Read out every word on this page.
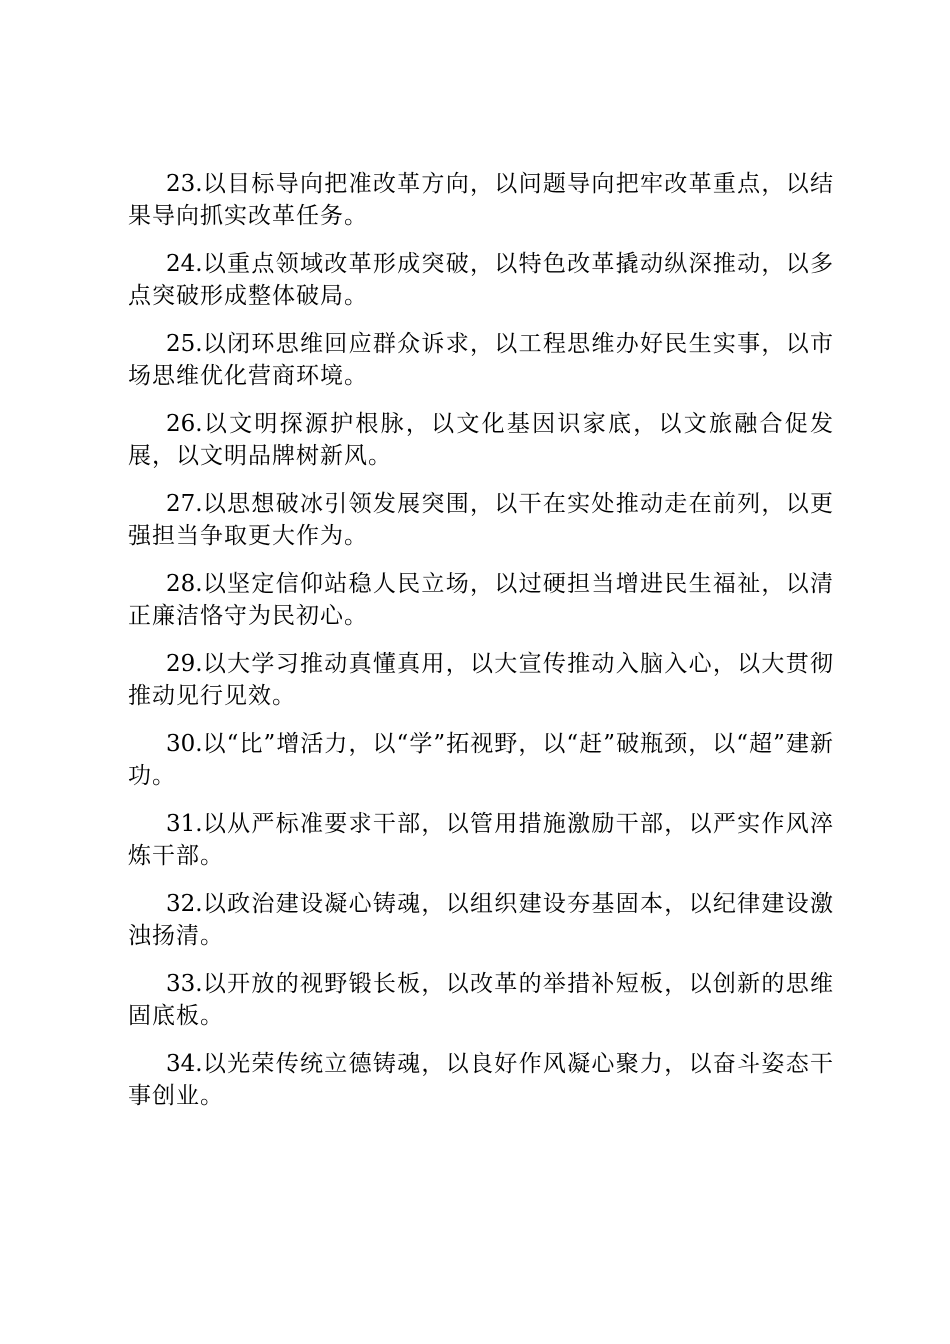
23.以目标导向把准改革方向，以问题导向把牢改革重点，以结果导向抓实改革任务。

24.以重点领域改革形成突破，以特色改革撬动纵深推动，以多点突破形成整体破局。

25.以闭环思维回应群众诉求，以工程思维办好民生实事，以市场思维优化营商环境。

26.以文明探源护根脉，以文化基因识家底，以文旅融合促发展，以文明品牌树新风。

27.以思想破冰引领发展突围，以干在实处推动走在前列，以更强担当争取更大作为。

28.以坚定信仰站稳人民立场，以过硬担当增进民生福祉，以清正廉洁恪守为民初心。

29.以大学习推动真懂真用，以大宣传推动入脑入心，以大贯彻推动见行见效。

30.以“比”增活力，以“学”拓视野，以“赶”破瓶颈，以“超”建新功。

31.以从严标准要求干部，以管用措施激励干部，以严实作风淬炼干部。

32.以政治建设凝心铸魂，以组织建设夯基固本，以纪律建设激浊扬清。

33.以开放的视野锻长板，以改革的举措补短板，以创新的思维固底板。

34.以光荣传统立德铸魂，以良好作风凝心聚力，以奋斗姿态干事创业。
